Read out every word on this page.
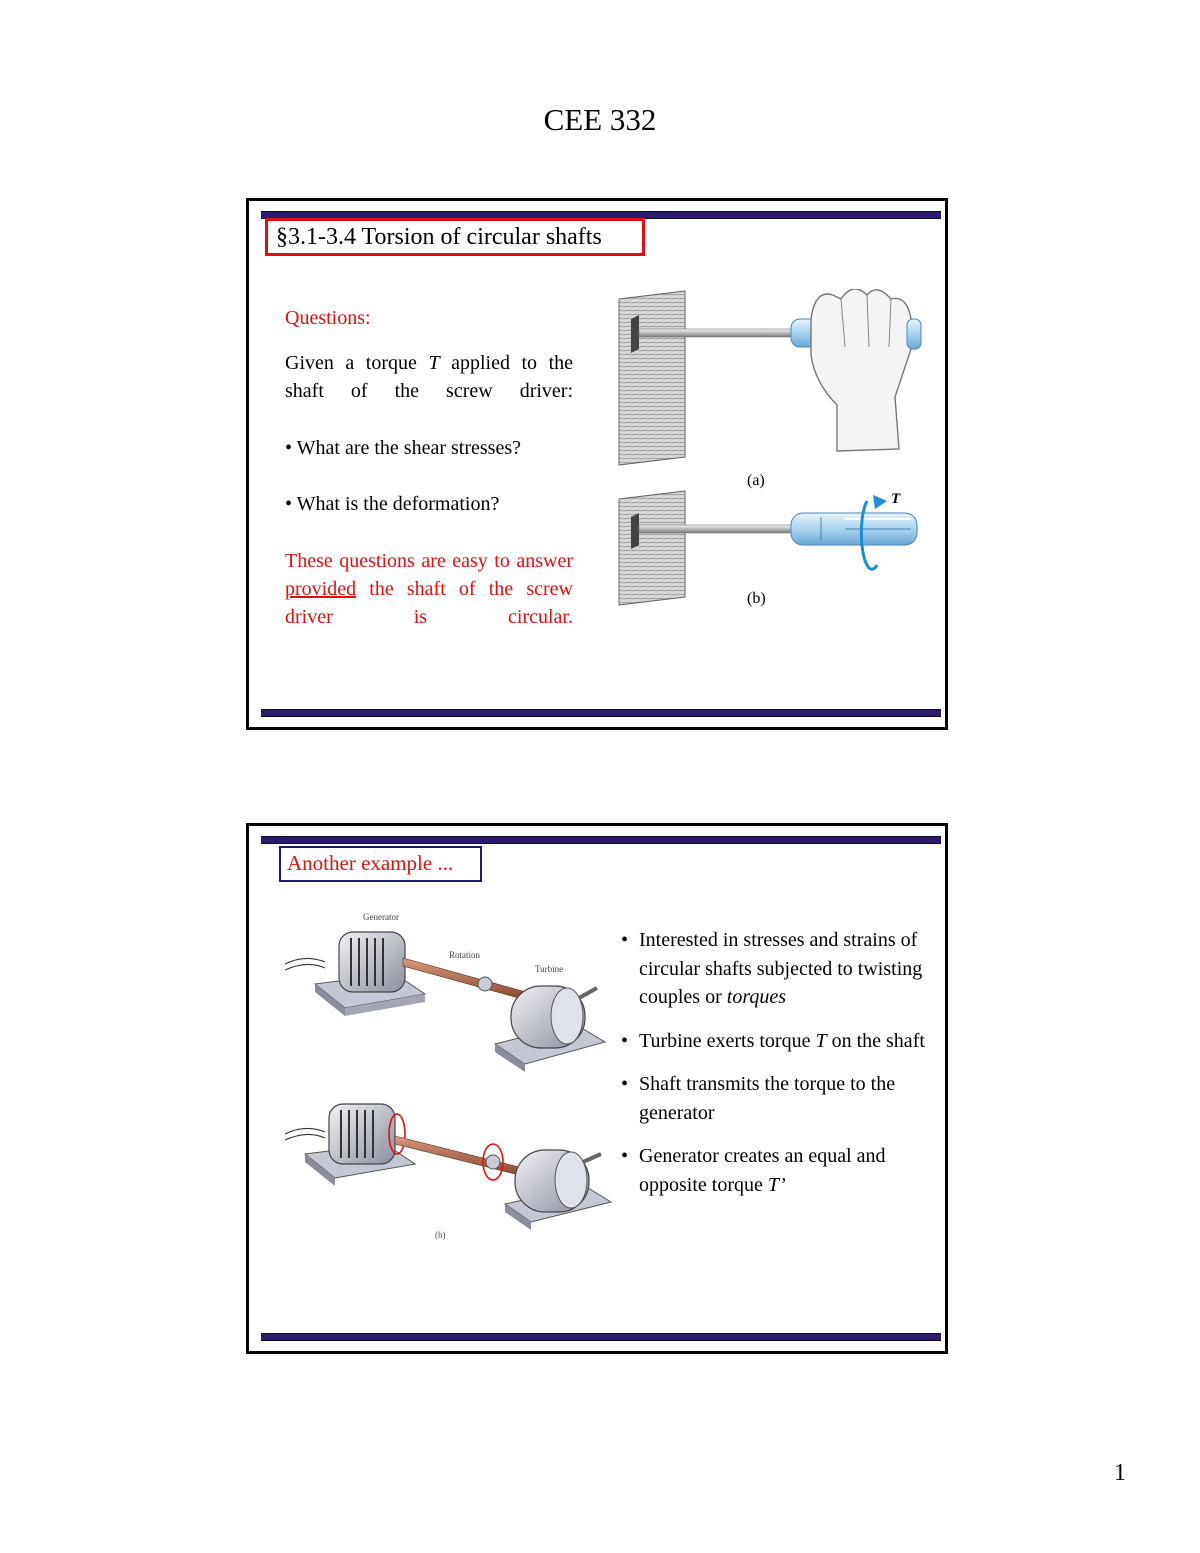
CEE 332
§3.1-3.4 Torsion of circular shafts
Questions:
Given a torque T applied to the shaft of the screw driver:
• What are the shear stresses?
• What is the deformation?
These questions are easy to answer provided the shaft of the screw driver is circular.
(a)
T
(b)
Another example ...
Generator
Rotation
Turbine
(b)
• Interested in stresses and strains of circular shafts subjected to twisting couples or torques
• Turbine exerts torque T on the shaft
• Shaft transmits the torque to the generator
• Generator creates an equal and opposite torque T’
1
